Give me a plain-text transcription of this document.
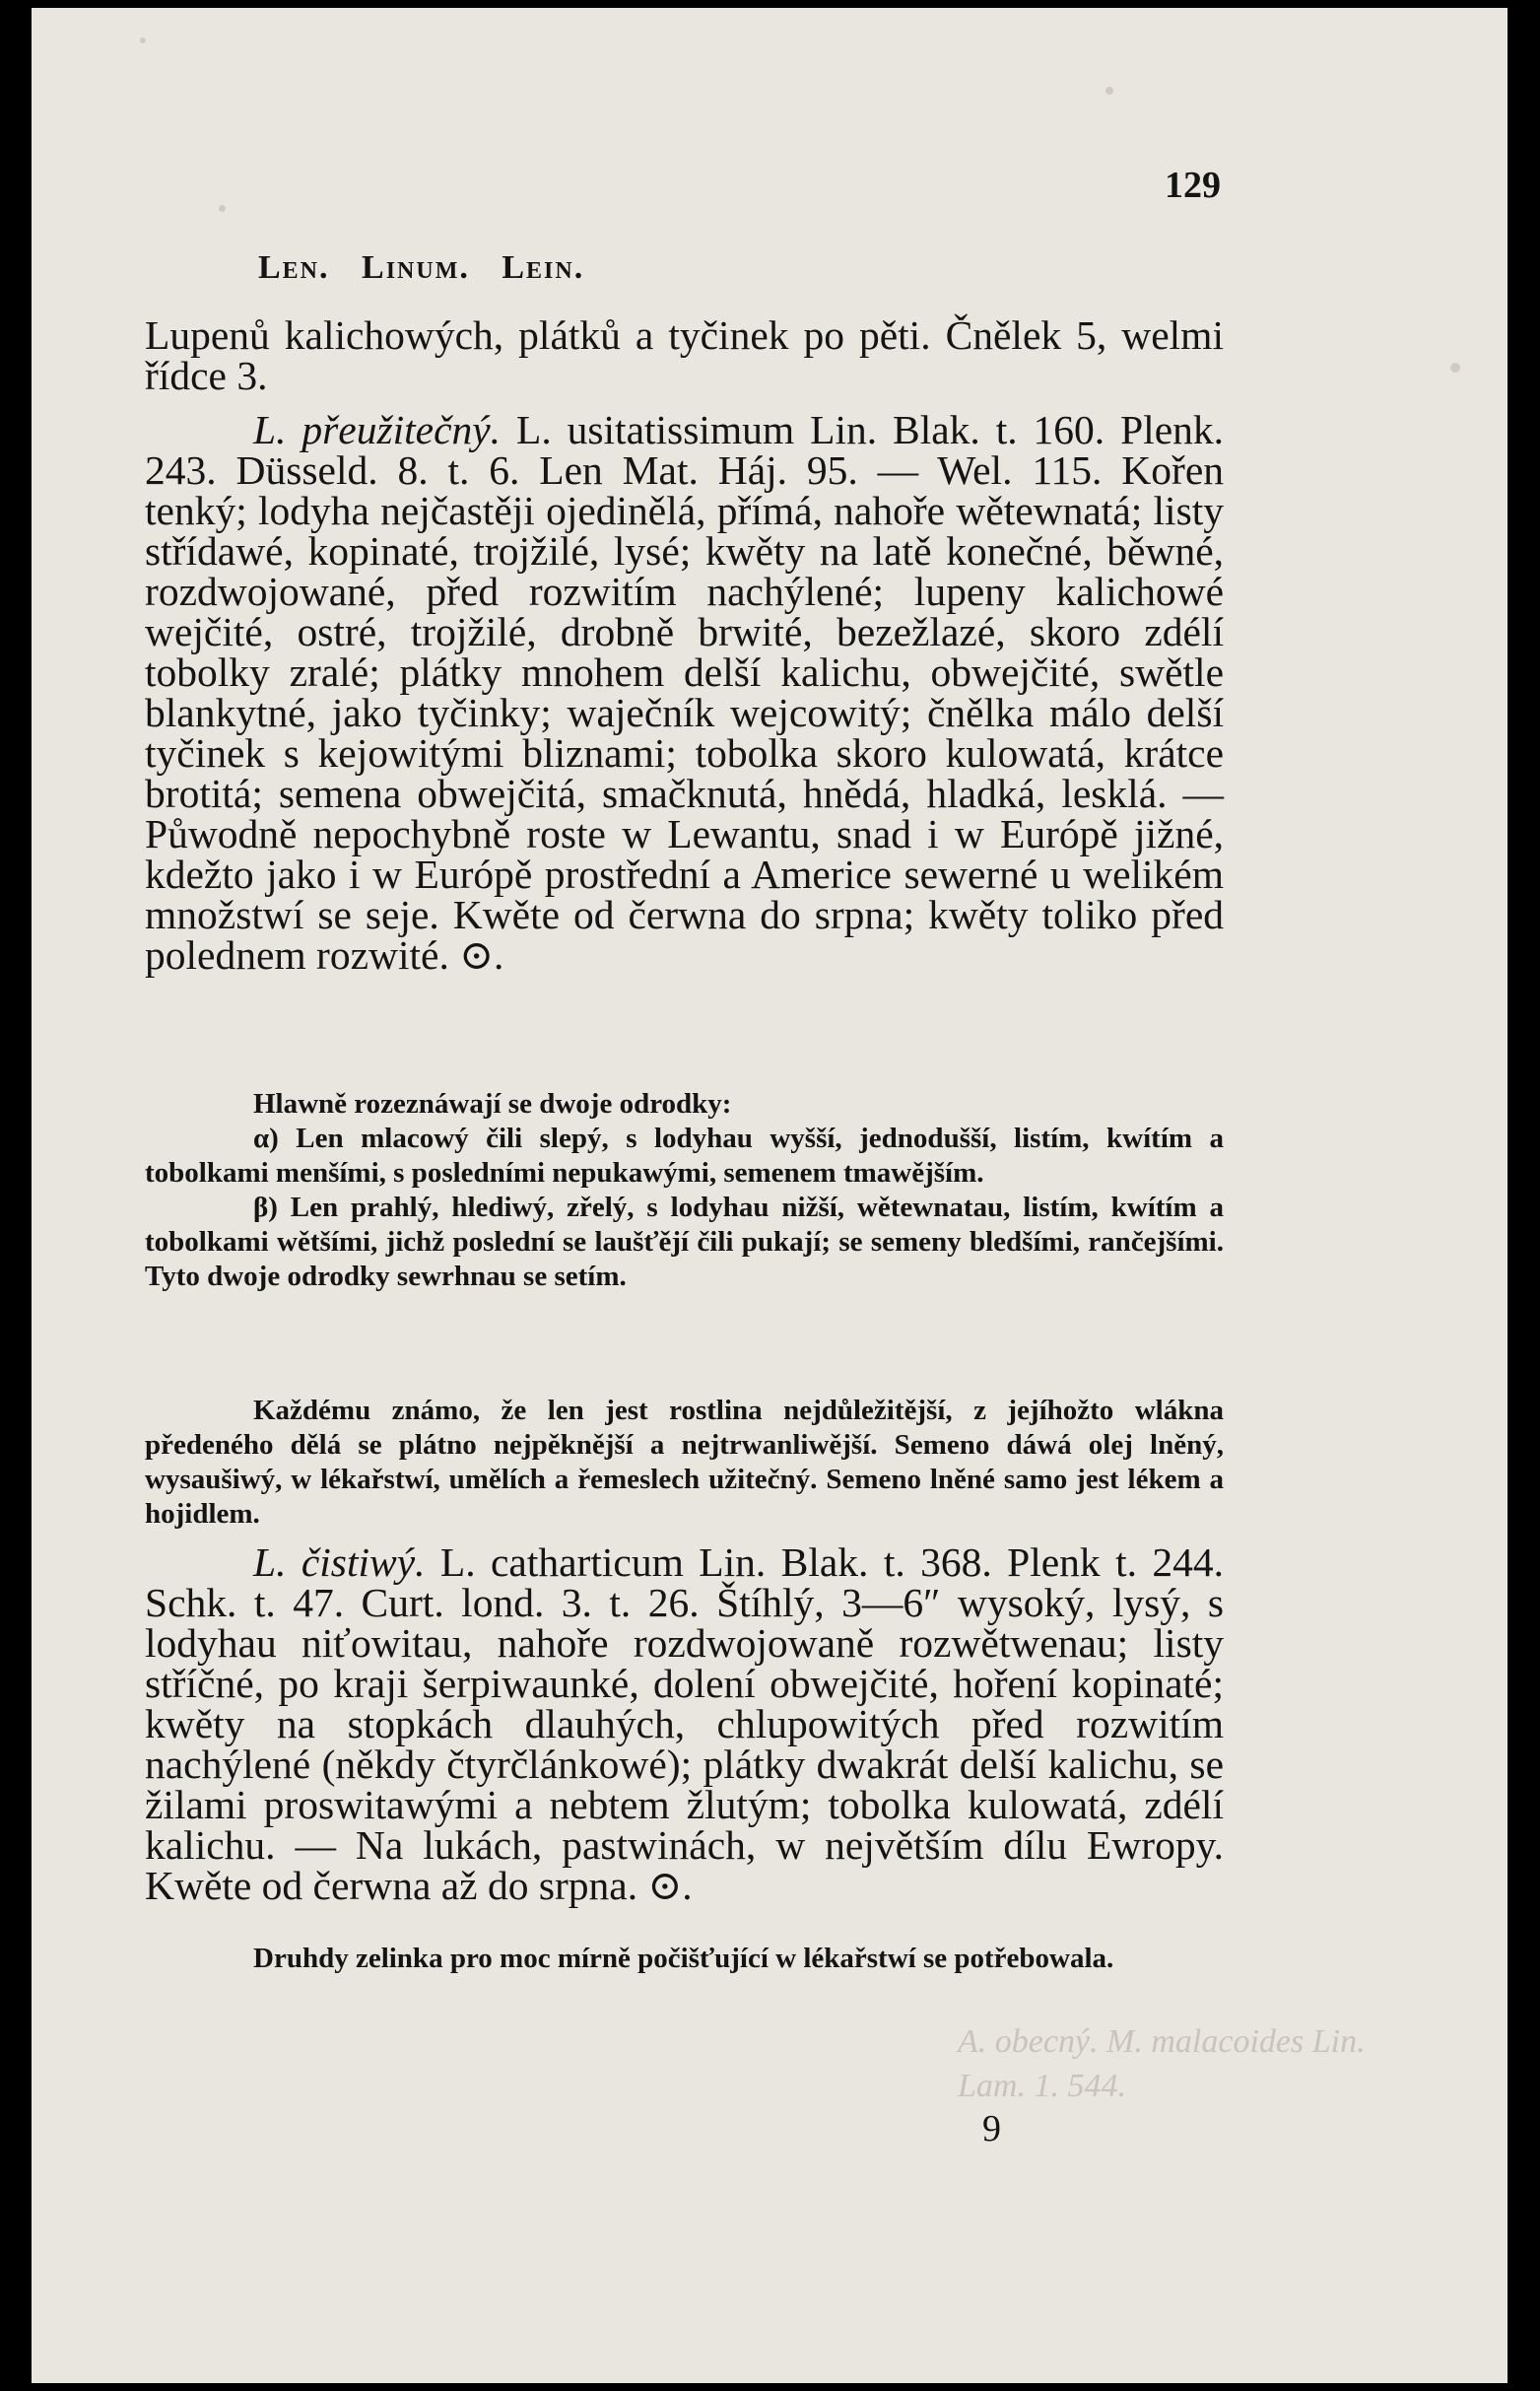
129
Len. Linum. Lein.

Lupenů kalichowých, plátků a tyčinek po pěti. Čnělek 5, welmi řídce 3.

L. přeužitečný. L. usitatissimum Lin. Blak. t. 160. Plenk. 243. Düsseld. 8. t. 6. Len Mat. Háj. 95. — Wel. 115. Kořen tenký; lodyha nejčastěji ojedinělá, přímá, nahoře wětewnatá; listy střídawé, kopinaté, trojžilé, lysé; kwěty na latě konečné, běwné, rozdwojowané, před rozwitím nachýlené; lupeny kalichowé wejčité, ostré, trojžilé, drobně brwité, bezežlazé, skoro zdélí tobolky zralé; plátky mnohem delší kalichu, obwejčité, swětle blankytné, jako tyčinky; waječník wejcowitý; čnělka málo delší tyčinek s kejowitými bliznami; tobolka skoro kulowatá, krátce brotitá; semena obwejčitá, smačknutá, hnědá, hladká, lesklá. — Půwodně nepochybně roste w Lewantu, snad i w Európě jižné, kdežto jako i w Európě prostřední a Americe sewerné u welikém množstwí se seje. Kwěte od čerwna do srpna; kwěty toliko před polednem rozwité. ⊙.

Hlawně rozeznáwají se dwoje odrodky:

α) Len mlacowý čili slepý, s lodyhau wyšší, jednodušší, listím, kwítím a tobolkami menšími, s posledními nepukawými, semenem tmawějším.

β) Len prahlý, hlediwý, zřelý, s lodyhau nižší, wětewnatau, listím, kwítím a tobolkami wětšími, jichž poslední se laušťějí čili pukají; se semeny bledšími, rančejšími. Tyto dwoje odrodky sewrhnau se setím.

Každému známo, že len jest rostlina nejdůležitější, z jejíhožto wlákna předeného dělá se plátno nejpěknější a nejtrwanliwější. Semeno dáwá olej lněný, wysaušiwý, w lékařstwí, umělích a řemeslech užitečný. Semeno lněné samo jest lékem a hojidlem.

L. čistiwý. L. catharticum Lin. Blak. t. 368. Plenk t. 244. Schk. t. 47. Curt. lond. 3. t. 26. Štíhlý, 3—6″ wysoký, lysý, s lodyhau niťowitau, nahoře rozdwojowaně rozwětwenau; listy stříčné, po kraji šerpiwaunké, dolení obwejčité, hoření kopinaté; kwěty na stopkách dlauhých, chlupowitých před rozwitím nachýlené (někdy čtyrčlánkowé); plátky dwakrát delší kalichu, se žilami proswitawými a nebtem žlutým; tobolka kulowatá, zdélí kalichu. — Na lukách, pastwinách, w největším dílu Ewropy. Kwěte od čerwna až do srpna. ⊙.

Druhdy zelinka pro moc mírně počišťující w lékařstwí se potřebowala.

A. obecný. M. malacoides Lin.
Lam. 1. 544.
9
